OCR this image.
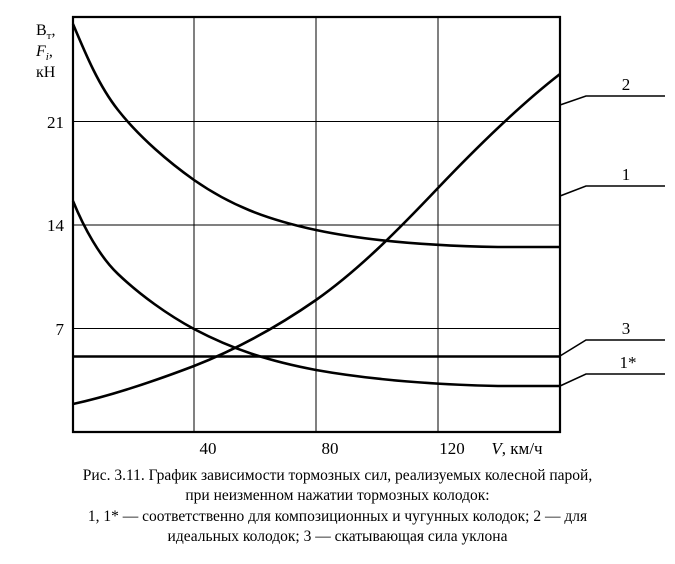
$B_т$,
$F_i$,
кН
2
1
3
1*
21
14
7
40	80	120 V, км/ч
Рис. 3.11. График зависимости тормозных сил, реализуемых колесной парой,
при неизменном нажатии тормозных колодок:
1, 1* — соответственно для композиционных и чугунных колодок; 2 — для
идеальных колодок; 3 — скатывающая сила уклона
